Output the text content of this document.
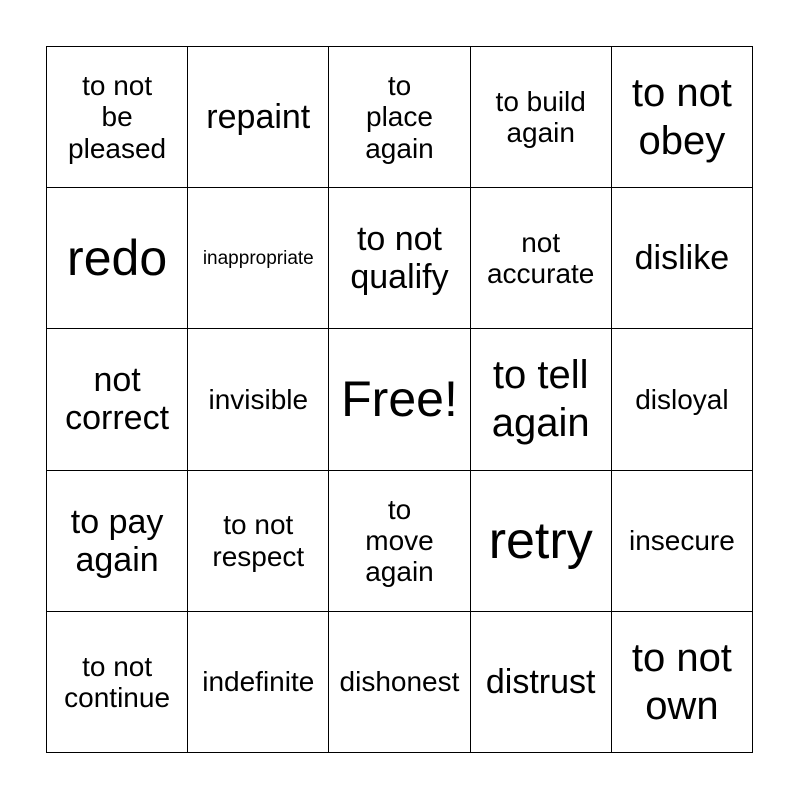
to not
be
pleased
repaint
to
place
again
to build
again
to not
obey
redo inappropriate to not
qualify
not
accurate dislike
not
correct
invisible Free! to tell
again
disloyal
to pay
again
to not
respect
to
move
again
retry insecure
to not
continue
indefinite dishonest distrust
to not
own
